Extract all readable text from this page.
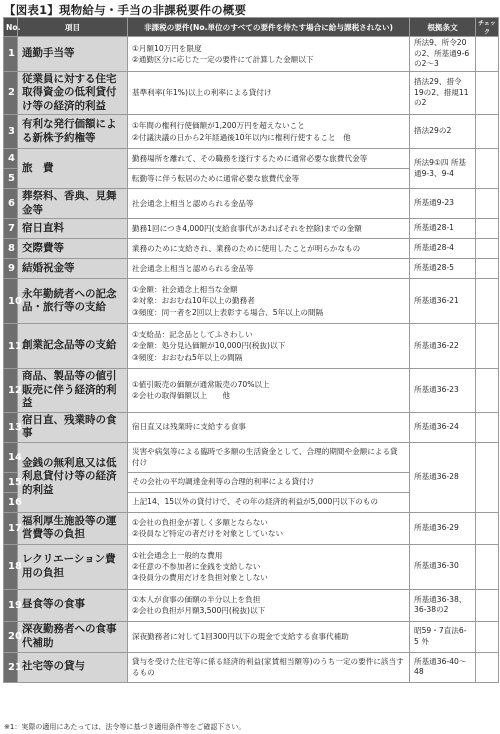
【図表1】現物給与・手当の非課税要件の概要
No.	項目	非課税の要件(No.単位のすべての要件を待たす場合に給与課税されない)	根拠条文	チェック
1	通勤手当等	①月額10万円を限度
②通勤区分に応じた一定の要件にて計算した金額以下	所法9、所令20の2、所基通9-6の2～3	
2	従業員に対する住宅取得資金の低利貸付け等の経済的利益	基準利率(年1%)以上の利率による貸付け	措法29、措令19の2、措規11の2	
3	有利な発行価額による新株予約権等	①年間の権利行使価額が1,200万円を超えないこと
②付議決議の日から2年経過後10年以内に権利行使すること　他	措法29の2	
4	旅　費	勤務場所を離れて、その職務を遂行するために通常必要な旅費代金等	所法9①四 所基通9-3、9-4	
5		転勤等に伴う転居のために通常必要な旅費代金等		

6	葬祭料、香典、見舞金等	社会通念上相当と認められる金品等	所基通9-23	
7	宿日直料	勤務1回につき4,000円(支給食事代があればそれを控除)までの金額	所基通28-1	
8	交際費等	業務のために支給され、業務のために使用したことが明らかなもの	所基通28-4	
9	結婚祝金等	社会通念上相当と認められる金品等	所基通28-5	
10	永年勤続者への記念品・旅行等の支給	①金額：社会通念上相当な金額
②対象：おおむね10年以上の勤務者
③頻度：同一者を2回以上表彰する場合、5年以上の間隔	所基通36-21	
11	創業記念品等の支給	①支給品：記念品としてふさわしい
②金額：処分見込価額が10,000円(税抜)以下
③頻度：おおむね5年以上の間隔	所基通36-22	
12	商品、製品等の値引販売に伴う経済的利益	①値引販売の価額が通常販売の70%以上
②会社の取得価額以上　　他	所基通36-23	
13	宿日直、残業時の食事	宿日直又は残業時に支給する食事	所基通36-24	
14	金銭の無利息又は低利息貸付け等の経済的利益	災害や病気等による臨時で多額の生活資金として、合理的期間や金額による貸付け	所基通36-28	
15		その会社の平均調達金利等の合理的利率による貸付け		

16		上記14、15以外の貸付けで、その年の経済的利益が5,000円以下のもの		

17	福利厚生施設等の運営費等の負担	①会社の負担金が著しく多額とならない
②役員など特定の者だけを対象としていない	所基通36-29	
18	レクリエーション費用の負担	①社会通念上一般的な費用
②任意の不参加者に金銭を支給しない
③役員分の費用だけを負担対象としない	所基通36-30	
19	昼食等の食事	①本人が食事の価額の半分以上を負担
②会社の負担が月額3,500円(税抜)以下	所基通36-38、36-38の2	
20	深夜勤務者への食事代補助	深夜勤務者に対して1回300円以下の現金で支給する食事代補助	昭59・7直法6-5 外	
21	社宅等の貸与	貸与を受けた住宅等に係る経済的利益(家賃相当額等)のうち一定の要件に該当するもの	所基通36-40～48	
※1：実際の適用にあたっては、法令等に基づき適用条件等をご確認下さい。
